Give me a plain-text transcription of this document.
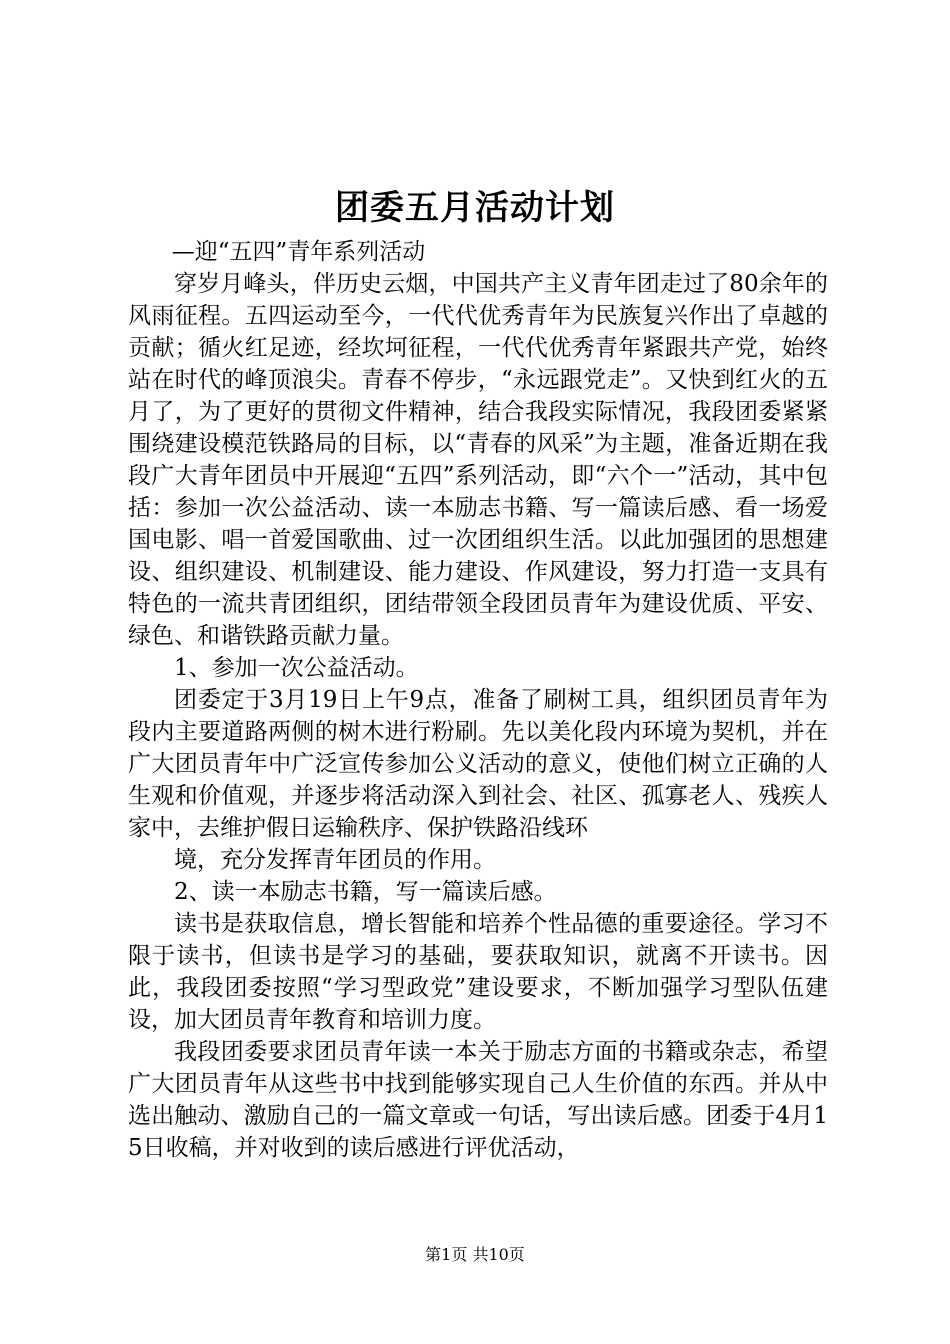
团委五月活动计划

—迎“五四”青年系列活动

穿岁月峰头，伴历史云烟，中国共产主义青年团走过了80余年的风雨征程。五四运动至今，一代代优秀青年为民族复兴作出了卓越的贡献；循火红足迹，经坎坷征程，一代代优秀青年紧跟共产党，始终站在时代的峰顶浪尖。青春不停步，“永远跟党走”。又快到红火的五月了，为了更好的贯彻文件精神，结合我段实际情况，我段团委紧紧围绕建设模范铁路局的目标，以“青春的风采”为主题，准备近期在我段广大青年团员中开展迎“五四”系列活动，即“六个一”活动，其中包括：参加一次公益活动、读一本励志书籍、写一篇读后感、看一场爱国电影、唱一首爱国歌曲、过一次团组织生活。以此加强团的思想建设、组织建设、机制建设、能力建设、作风建设，努力打造一支具有特色的一流共青团组织，团结带领全段团员青年为建设优质、平安、绿色、和谐铁路贡献力量。

1、参加一次公益活动。

团委定于3月19日上午9点，准备了刷树工具，组织团员青年为段内主要道路两侧的树木进行粉刷。先以美化段内环境为契机，并在广大团员青年中广泛宣传参加公义活动的意义，使他们树立正确的人生观和价值观，并逐步将活动深入到社会、社区、孤寡老人、残疾人家中，去维护假日运输秩序、保护铁路沿线环

境，充分发挥青年团员的作用。

2、读一本励志书籍，写一篇读后感。

读书是获取信息，增长智能和培养个性品德的重要途径。学习不限于读书，但读书是学习的基础，要获取知识，就离不开读书。因此，我段团委按照“学习型政党”建设要求，不断加强学习型队伍建设，加大团员青年教育和培训力度。

我段团委要求团员青年读一本关于励志方面的书籍或杂志，希望广大团员青年从这些书中找到能够实现自己人生价值的东西。并从中选出触动、激励自己的一篇文章或一句话，写出读后感。团委于4月15日收稿，并对收到的读后感进行评优活动，

第1页 共10页
